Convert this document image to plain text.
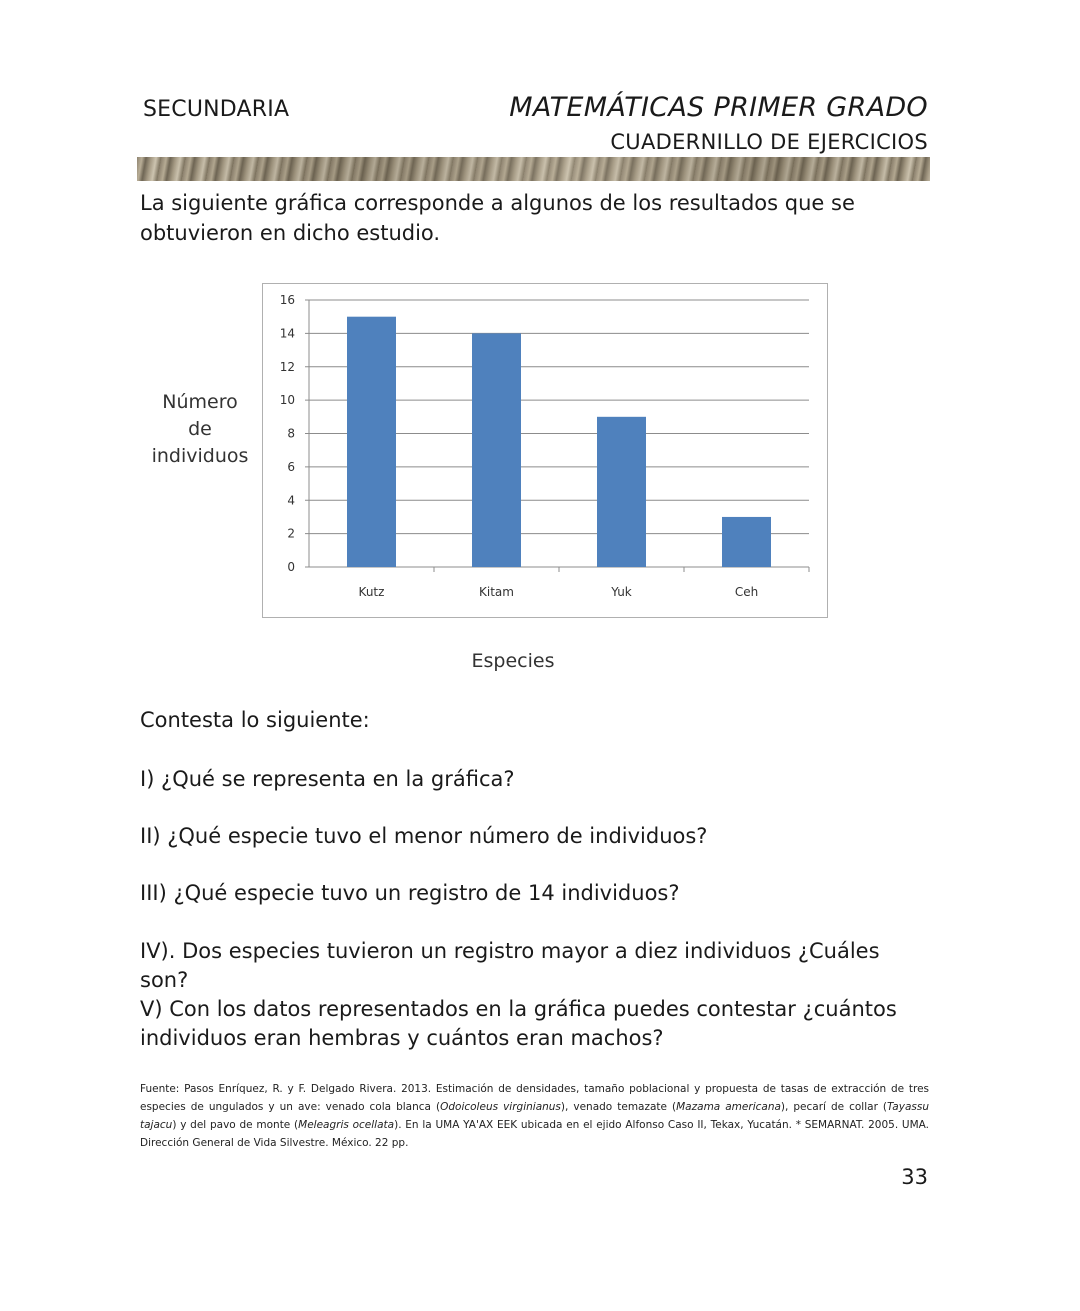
SECUNDARIA	MATEMÁTICAS PRIMER GRADO
CUADERNILLO DE EJERCICIOS
La siguiente gráfica corresponde a algunos de los resultados que se obtuvieron en dicho estudio.
Número
de
individuos
0
2
4
6
8
10
12
14
16
Kutz	Kitam	Yuk	Ceh
Especies
Contesta lo siguiente:
I) ¿Qué se representa en la gráfica?
II) ¿Qué especie tuvo el menor número de individuos?
III) ¿Qué especie tuvo un registro de 14 individuos?
IV). Dos especies tuvieron un registro mayor a diez individuos ¿Cuáles son?
V) Con los datos representados en la gráfica puedes contestar ¿cuántos individuos eran hembras y cuántos eran machos?
Fuente: Pasos Enríquez, R. y F. Delgado Rivera. 2013. Estimación de densidades, tamaño poblacional y propuesta de tasas de extracción de tres especies de ungulados y un ave: venado cola blanca (Odoicoleus virginianus), venado temazate (Mazama americana), pecarí de collar (Tayassu tajacu) y del pavo de monte (Meleagris ocellata). En la UMA YA'AX EEK ubicada en el ejido Alfonso Caso II, Tekax, Yucatán. * SEMARNAT. 2005. UMA. Dirección General de Vida Silvestre. México. 22 pp.
33
